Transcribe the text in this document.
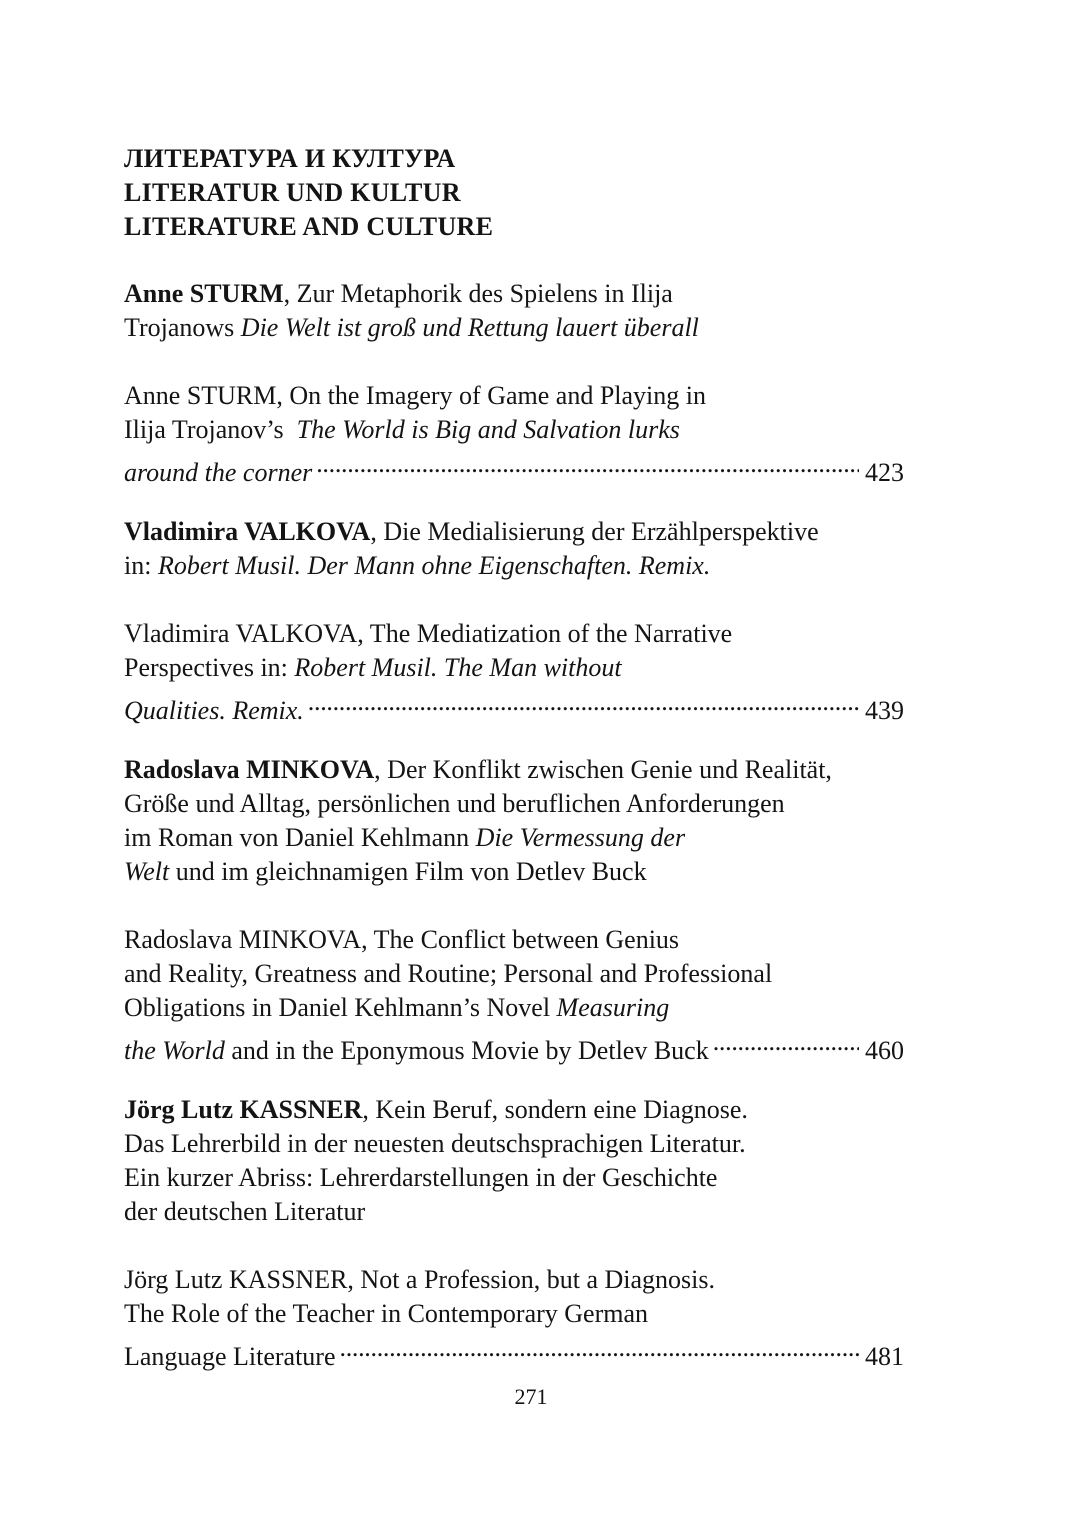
ЛИТЕРАТУРА И КУЛТУРА
LITERATUR UND KULTUR
LITERATURE AND CULTURE
Anne STURM, Zur Metaphorik des Spielens in Ilija
Trojanows Die Welt ist groß und Rettung lauert überall
Anne STURM, On the Imagery of Game and Playing in
Ilija Trojanov’s  The World is Big and Salvation lurks
around the corner . . .	423
Vladimira VALKOVA, Die Medialisierung der Erzählperspektive
in: Robert Musil. Der Mann ohne Eigenschaften. Remix.
Vladimira VALKOVA, The Mediatization of the Narrative
Perspectives in: Robert Musil. The Man without
Qualities. Remix. . . .	439
Radoslava MINKOVA, Der Konflikt zwischen Genie und Realität,
Größe und Alltag, persönlichen und beruflichen Anforderungen
im Roman von Daniel Kehlmann Die Vermessung der
Welt und im gleichnamigen Film von Detlev Buck
Radoslava MINKOVA, The Conflict between Genius
and Reality, Greatness and Routine; Personal and Professional
Obligations in Daniel Kehlmann’s Novel Measuring
the World and in the Eponymous Movie by Detlev Buck . . .	460
Jörg Lutz KASSNER, Kein Beruf, sondern eine Diagnose.
Das Lehrerbild in der neuesten deutschsprachigen Literatur.
Ein kurzer Abriss: Lehrerdarstellungen in der Geschichte
der deutschen Literatur
Jörg Lutz KASSNER, Not a Profession, but a Diagnosis.
The Role of the Teacher in Contemporary German
Language Literature . . .	481
271
